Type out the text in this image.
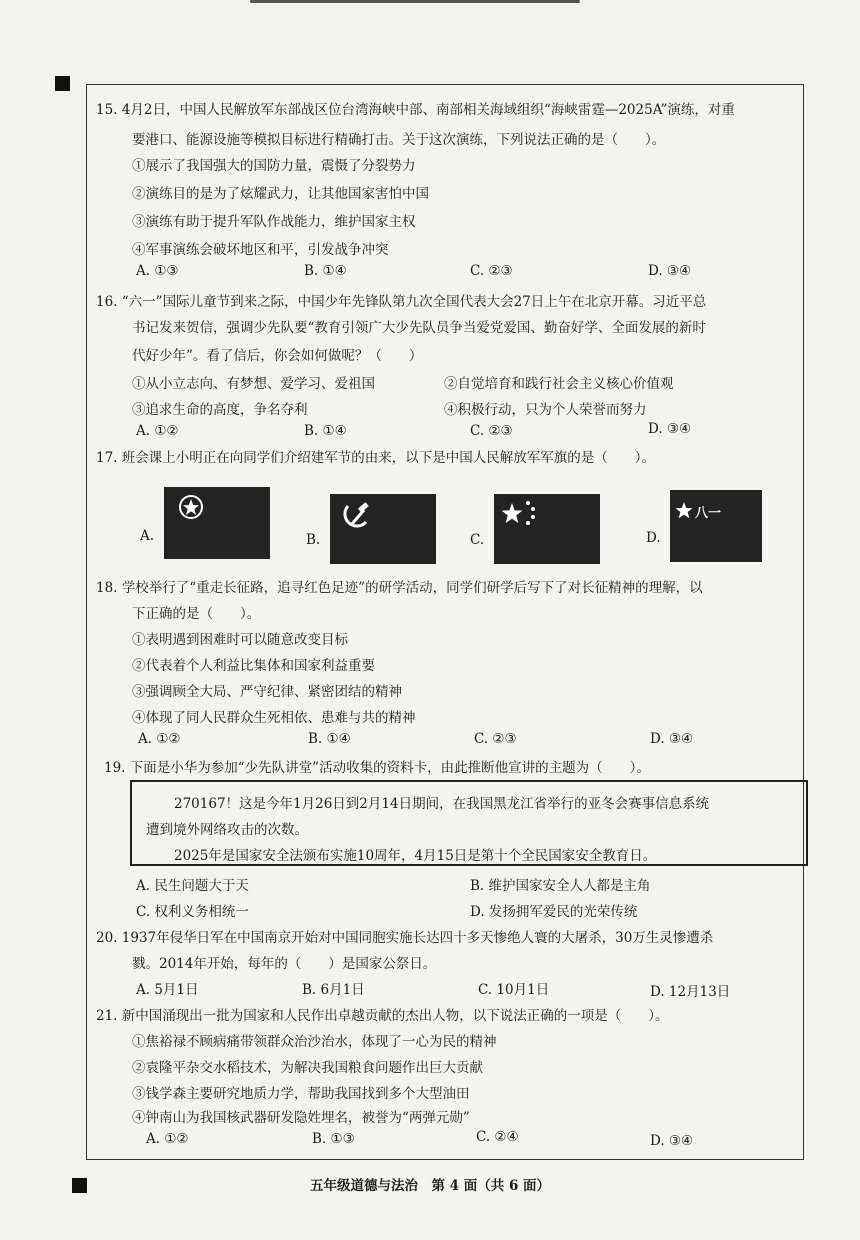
15. 4月2日，中国人民解放军东部战区位台湾海峡中部、南部相关海域组织“海峡雷霆—2025A”演练，对重
要港口、能源设施等模拟目标进行精确打击。关于这次演练，下列说法正确的是（　　）。
①展示了我国强大的国防力量，震慑了分裂势力
②演练目的是为了炫耀武力，让其他国家害怕中国
③演练有助于提升军队作战能力，维护国家主权
④军事演练会破坏地区和平，引发战争冲突
A. ①③	B. ①④	C. ②③	D. ③④
16. “六一”国际儿童节到来之际，中国少年先锋队第九次全国代表大会27日上午在北京开幕。习近平总
书记发来贺信，强调少先队要“教育引领广大少先队员争当爱党爱国、勤奋好学、全面发展的新时
代好少年”。看了信后，你会如何做呢？（　　）
①从小立志向、有梦想、爱学习、爱祖国	②自觉培育和践行社会主义核心价值观
③追求生命的高度，争名夺利	④积极行动，只为个人荣誉而努力
A. ①②	B. ①④	C. ②③	D. ③④
17. 班会课上小明正在向同学们介绍建军节的由来，以下是中国人民解放军军旗的是（　　）。
A.	B.	C.	D.
八一
18. 学校举行了“重走长征路，追寻红色足迹”的研学活动，同学们研学后写下了对长征精神的理解，以
下正确的是（　　）。
①表明遇到困难时可以随意改变目标
②代表着个人利益比集体和国家利益重要
③强调顾全大局、严守纪律、紧密团结的精神
④体现了同人民群众生死相依、患难与共的精神
A. ①②	B. ①④	C. ②③	D. ③④
19. 下面是小华为参加“少先队讲堂”活动收集的资料卡，由此推断他宣讲的主题为（　　）。
270167！这是今年1月26日到2月14日期间，在我国黑龙江省举行的亚冬会赛事信息系统
遭到境外网络攻击的次数。
2025年是国家安全法颁布实施10周年，4月15日是第十个全民国家安全教育日。
A. 民生问题大于天	B. 维护国家安全人人都是主角
C. 权利义务相统一	D. 发扬拥军爱民的光荣传统
20. 1937年侵华日军在中国南京开始对中国同胞实施长达四十多天惨绝人寰的大屠杀，30万生灵惨遭杀
戮。2014年开始，每年的（　　）是国家公祭日。
A. 5月1日	B. 6月1日	C. 10月1日	D. 12月13日
21. 新中国涌现出一批为国家和人民作出卓越贡献的杰出人物，以下说法正确的一项是（　　）。
①焦裕禄不顾病痛带领群众治沙治水，体现了一心为民的精神
②袁隆平杂交水稻技术，为解决我国粮食问题作出巨大贡献
③钱学森主要研究地质力学，帮助我国找到多个大型油田
④钟南山为我国核武器研发隐姓埋名，被誉为“两弹元勋”
A. ①②	B. ①③	C. ②④	D. ③④
五年级道德与法治　第 4 面（共 6 面）
